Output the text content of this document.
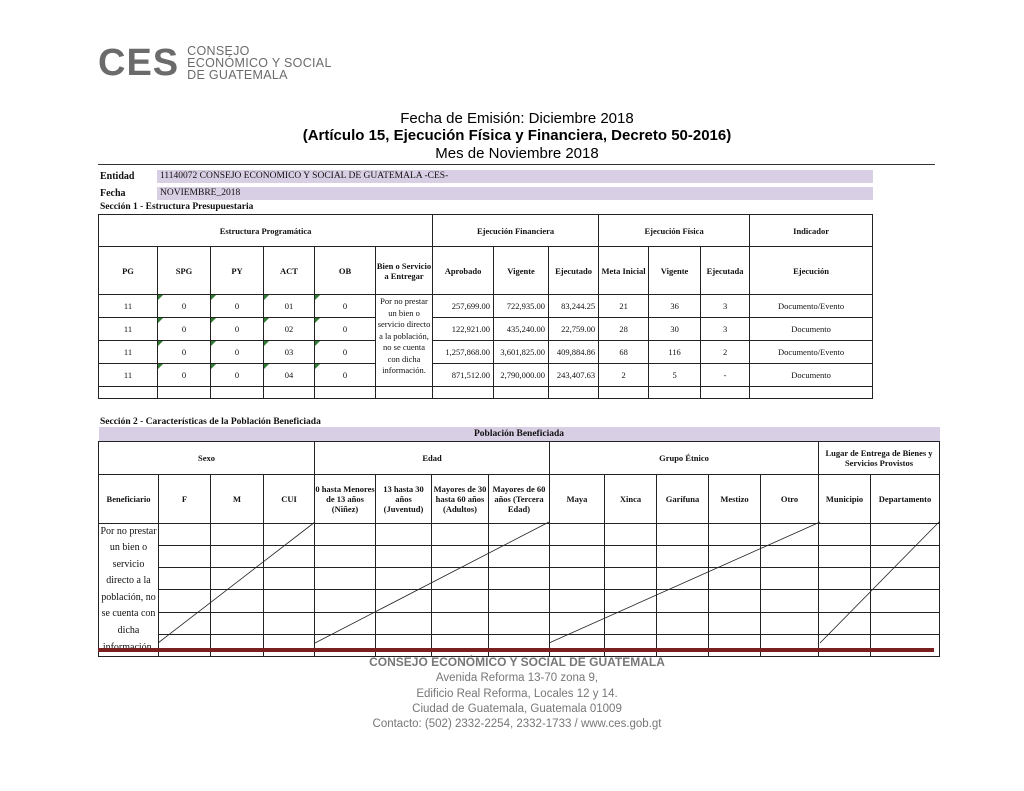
CES CONSEJO
ECONÓMICO Y SOCIAL
DE GUATEMALA
Fecha de Emisión: Diciembre 2018
(Artículo 15, Ejecución Física y Financiera, Decreto 50-2016)
Mes de Noviembre 2018
Entidad	11140072 CONSEJO ECONOMICO Y SOCIAL DE GUATEMALA -CES-
Fecha	NOVIEMBRE_2018
Sección 1 - Estructura Presupuestaria
Estructura Programática						Ejecución Financiera			Ejecución Física			Indicador
PG	SPG	PY	ACT	OB	Bien o Servicio a Entregar	Aprobado	Vigente	Ejecutado	Meta Inicial	Vigente	Ejecutada	Ejecución
11	0	0	01	0	Por no prestar un bien o servicio directo a la población, no se cuenta con dicha información.	257,699.00	722,935.00	83,244.25	21	36	3	Documento/Evento
11	0	0	02	0		122,921.00	435,240.00	22,759.00	28	30	3	Documento
11	0	0	03	0		1,257,868.00	3,601,825.00	409,884.86	68	116	2	Documento/Evento
11	0	0	04	0		871,512.00	2,790,000.00	243,407.63	2	5	-	Documento

Sección 2 - Características de la Población Beneficiada
Población Beneficiada														
Sexo				Edad				Grupo Étnico					Lugar de Entrega de Bienes y Servicios Provistos	
Beneficiario	F	M	CUI	0 hasta Menores de 13 años (Niñez)	13 hasta 30 años (Juventud)	Mayores de 30 hasta 60 años (Adultos)	Mayores de 60 años (Tercera Edad)	Maya	Xinca	Garífuna	Mestizo	Otro	Municipio	Departamento
Por no prestar un bien o servicio directo a la población, no se cuenta con dicha														

CONSEJO ECONÓMICO Y SOCIAL DE GUATEMALA
Avenida Reforma 13-70 zona 9,
Edificio Real Reforma, Locales 12 y 14.
Ciudad de Guatemala, Guatemala 01009
Contacto: (502) 2332-2254, 2332-1733 / www.ces.gob.gt
